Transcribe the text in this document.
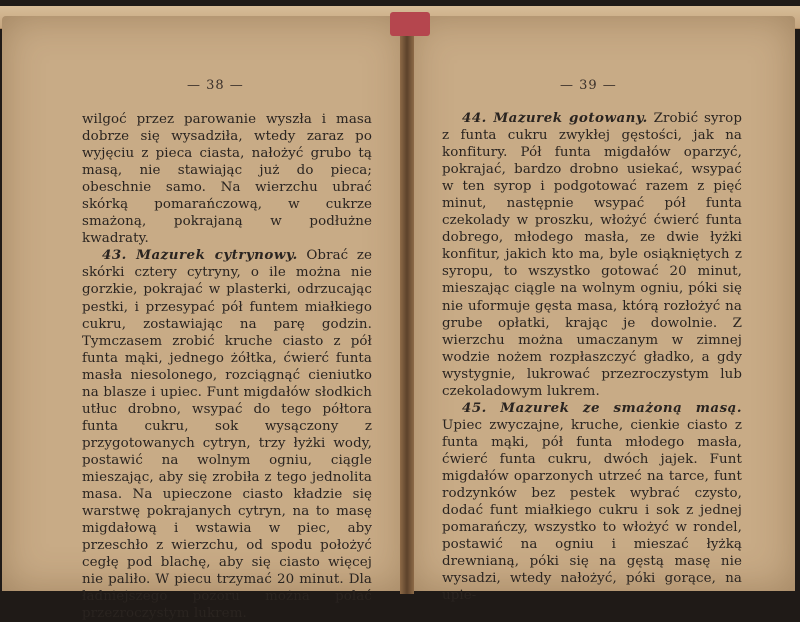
— 38 —

wilgoć przez parowanie wyszła i masa dobrze się wysadziła, wtedy zaraz po wyjęciu z pieca ciasta, nałożyć grubo tą masą, nie stawiając już do pieca; obeschnie samo. Na wierzchu ubrać skórką pomarańczową, w cukrze smażoną, pokrajaną w podłużne kwadraty.

43. Mazurek cytrynowy. Obrać ze skórki cztery cytryny, o ile można nie gorzkie, pokrajać w plasterki, odrzucając pestki, i przesypać pół funtem miałkiego cukru, zostawiając na parę godzin. Tymczasem zrobić kruche ciasto z pół funta mąki, jednego żółtka, ćwierć funta masła niesolonego, rozciągnąć cieniutko na blasze i upiec. Funt migdałów słodkich utłuc drobno, wsypać do tego półtora funta cukru, sok wysączony z przygotowanych cytryn, trzy łyżki wody, postawić na wolnym ogniu, ciągle mieszając, aby się zrobiła z tego jednolita masa. Na upieczone ciasto kładzie się warstwę pokrajanych cytryn, na to masę migdałową i wstawia w piec, aby przeschło z wierzchu, od spodu położyć cegłę pod blachę, aby się ciasto więcej nie paliło. W piecu trzymać 20 minut. Dla ładniejszego pozoru można polać przezroczystym lukrem.

— 39 —

44. Mazurek gotowany. Zrobić syrop z funta cukru zwykłej gęstości, jak na konfitury. Pół funta migdałów oparzyć, pokrajać, bardzo drobno usiekać, wsypać w ten syrop i podgotować razem z pięć minut, następnie wsypać pół funta czekolady w proszku, włożyć ćwierć funta dobrego, młodego masła, ze dwie łyżki konfitur, jakich kto ma, byle osiąkniętych z syropu, to wszystko gotować 20 minut, mieszając ciągle na wolnym ogniu, póki się nie uformuje gęsta masa, którą rozłożyć na grube opłatki, krając je dowolnie. Z wierzchu można umaczanym w zimnej wodzie nożem rozpłaszczyć gładko, a gdy wystygnie, lukrować przezroczystym lub czekoladowym lukrem.

45. Mazurek ze smażoną masą. Upiec zwyczajne, kruche, cienkie ciasto z funta mąki, pół funta młodego masła, ćwierć funta cukru, dwóch jajek. Funt migdałów oparzonych utrzeć na tarce, funt rodzynków bez pestek wybrać czysto, dodać funt miałkiego cukru i sok z jednej pomarańczy, wszystko to włożyć w rondel, postawić na ogniu i mieszać łyżką drewnianą, póki się na gęstą masę nie wysadzi, wtedy nałożyć, póki gorące, na upie-
